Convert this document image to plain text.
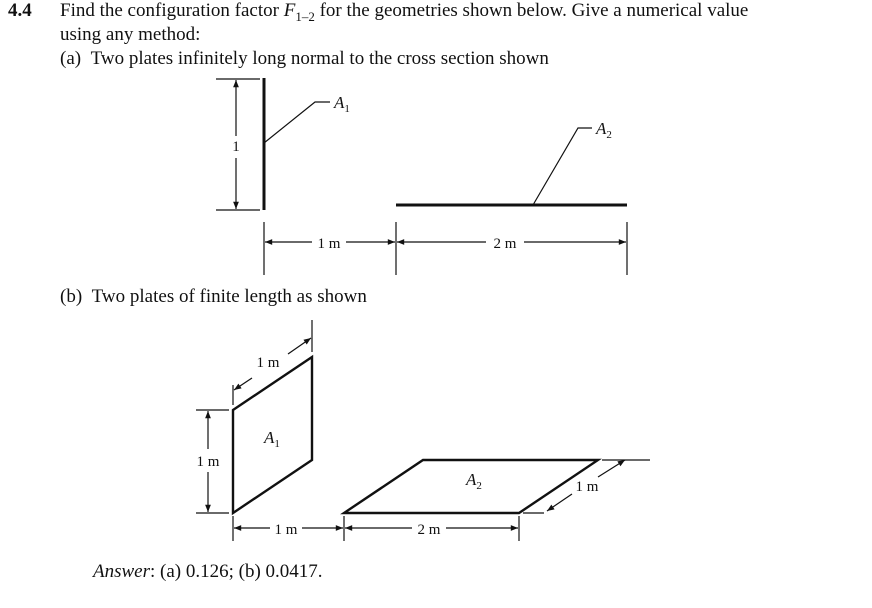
4.4 Find the configuration factor $F_{1-2}$ for the geometries shown below. Give a numerical value
using any method:
(a) Two plates infinitely long normal to the cross section shown
(b) Two plates of finite length as shown
Answer: (a) 0.126; (b) 0.0417.
$A_1$
$A_2$
1
1 m	2 m
1 m
$A_1$
1 m
$A_2$
1 m	2 m
1 m
